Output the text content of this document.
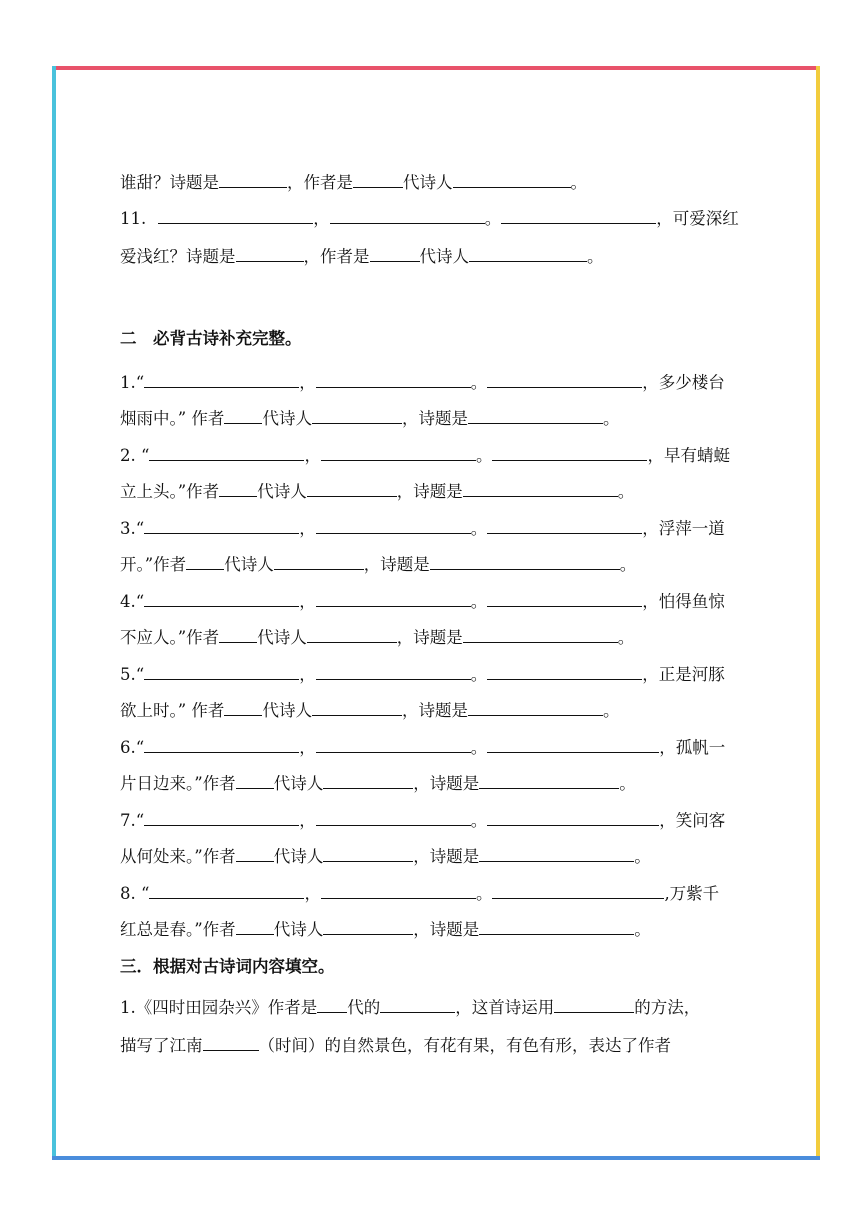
谁甜？诗题是	，作者是	代诗人	。
11.	，	。	，可爱深红
爱浅红？诗题是	，作者是	代诗人	。
二　必背古诗补充完整。
1.“	，	。	，多少楼台
烟雨中。” 作者 代诗人	，诗题是	。
2. “	，	。	，早有蜻蜓
立上头。”作者 代诗人	，诗题是	。
3.“	，	。	，浮萍一道
开。”作者 代诗人	，诗题是	。
4.“	，	。	，怕得鱼惊
不应人。”作者 代诗人	，诗题是	。
5.“	，	。	，正是河豚
欲上时。” 作者 代诗人	，诗题是	。
6.“	，	。	，孤帆一
片日边来。”作者 代诗人	，诗题是	。
7.“	，	。	，笑问客
从何处来。”作者 代诗人	，诗题是	。
8. “	，	。	,万紫千
红总是春。”作者 代诗人	，诗题是	。
三．根据对古诗词内容填空。
1.《四时田园杂兴》作者是 代的	，这首诗运用	的方法，
描写了江南	（时间）的自然景色，有花有果，有色有形，表达了作者
